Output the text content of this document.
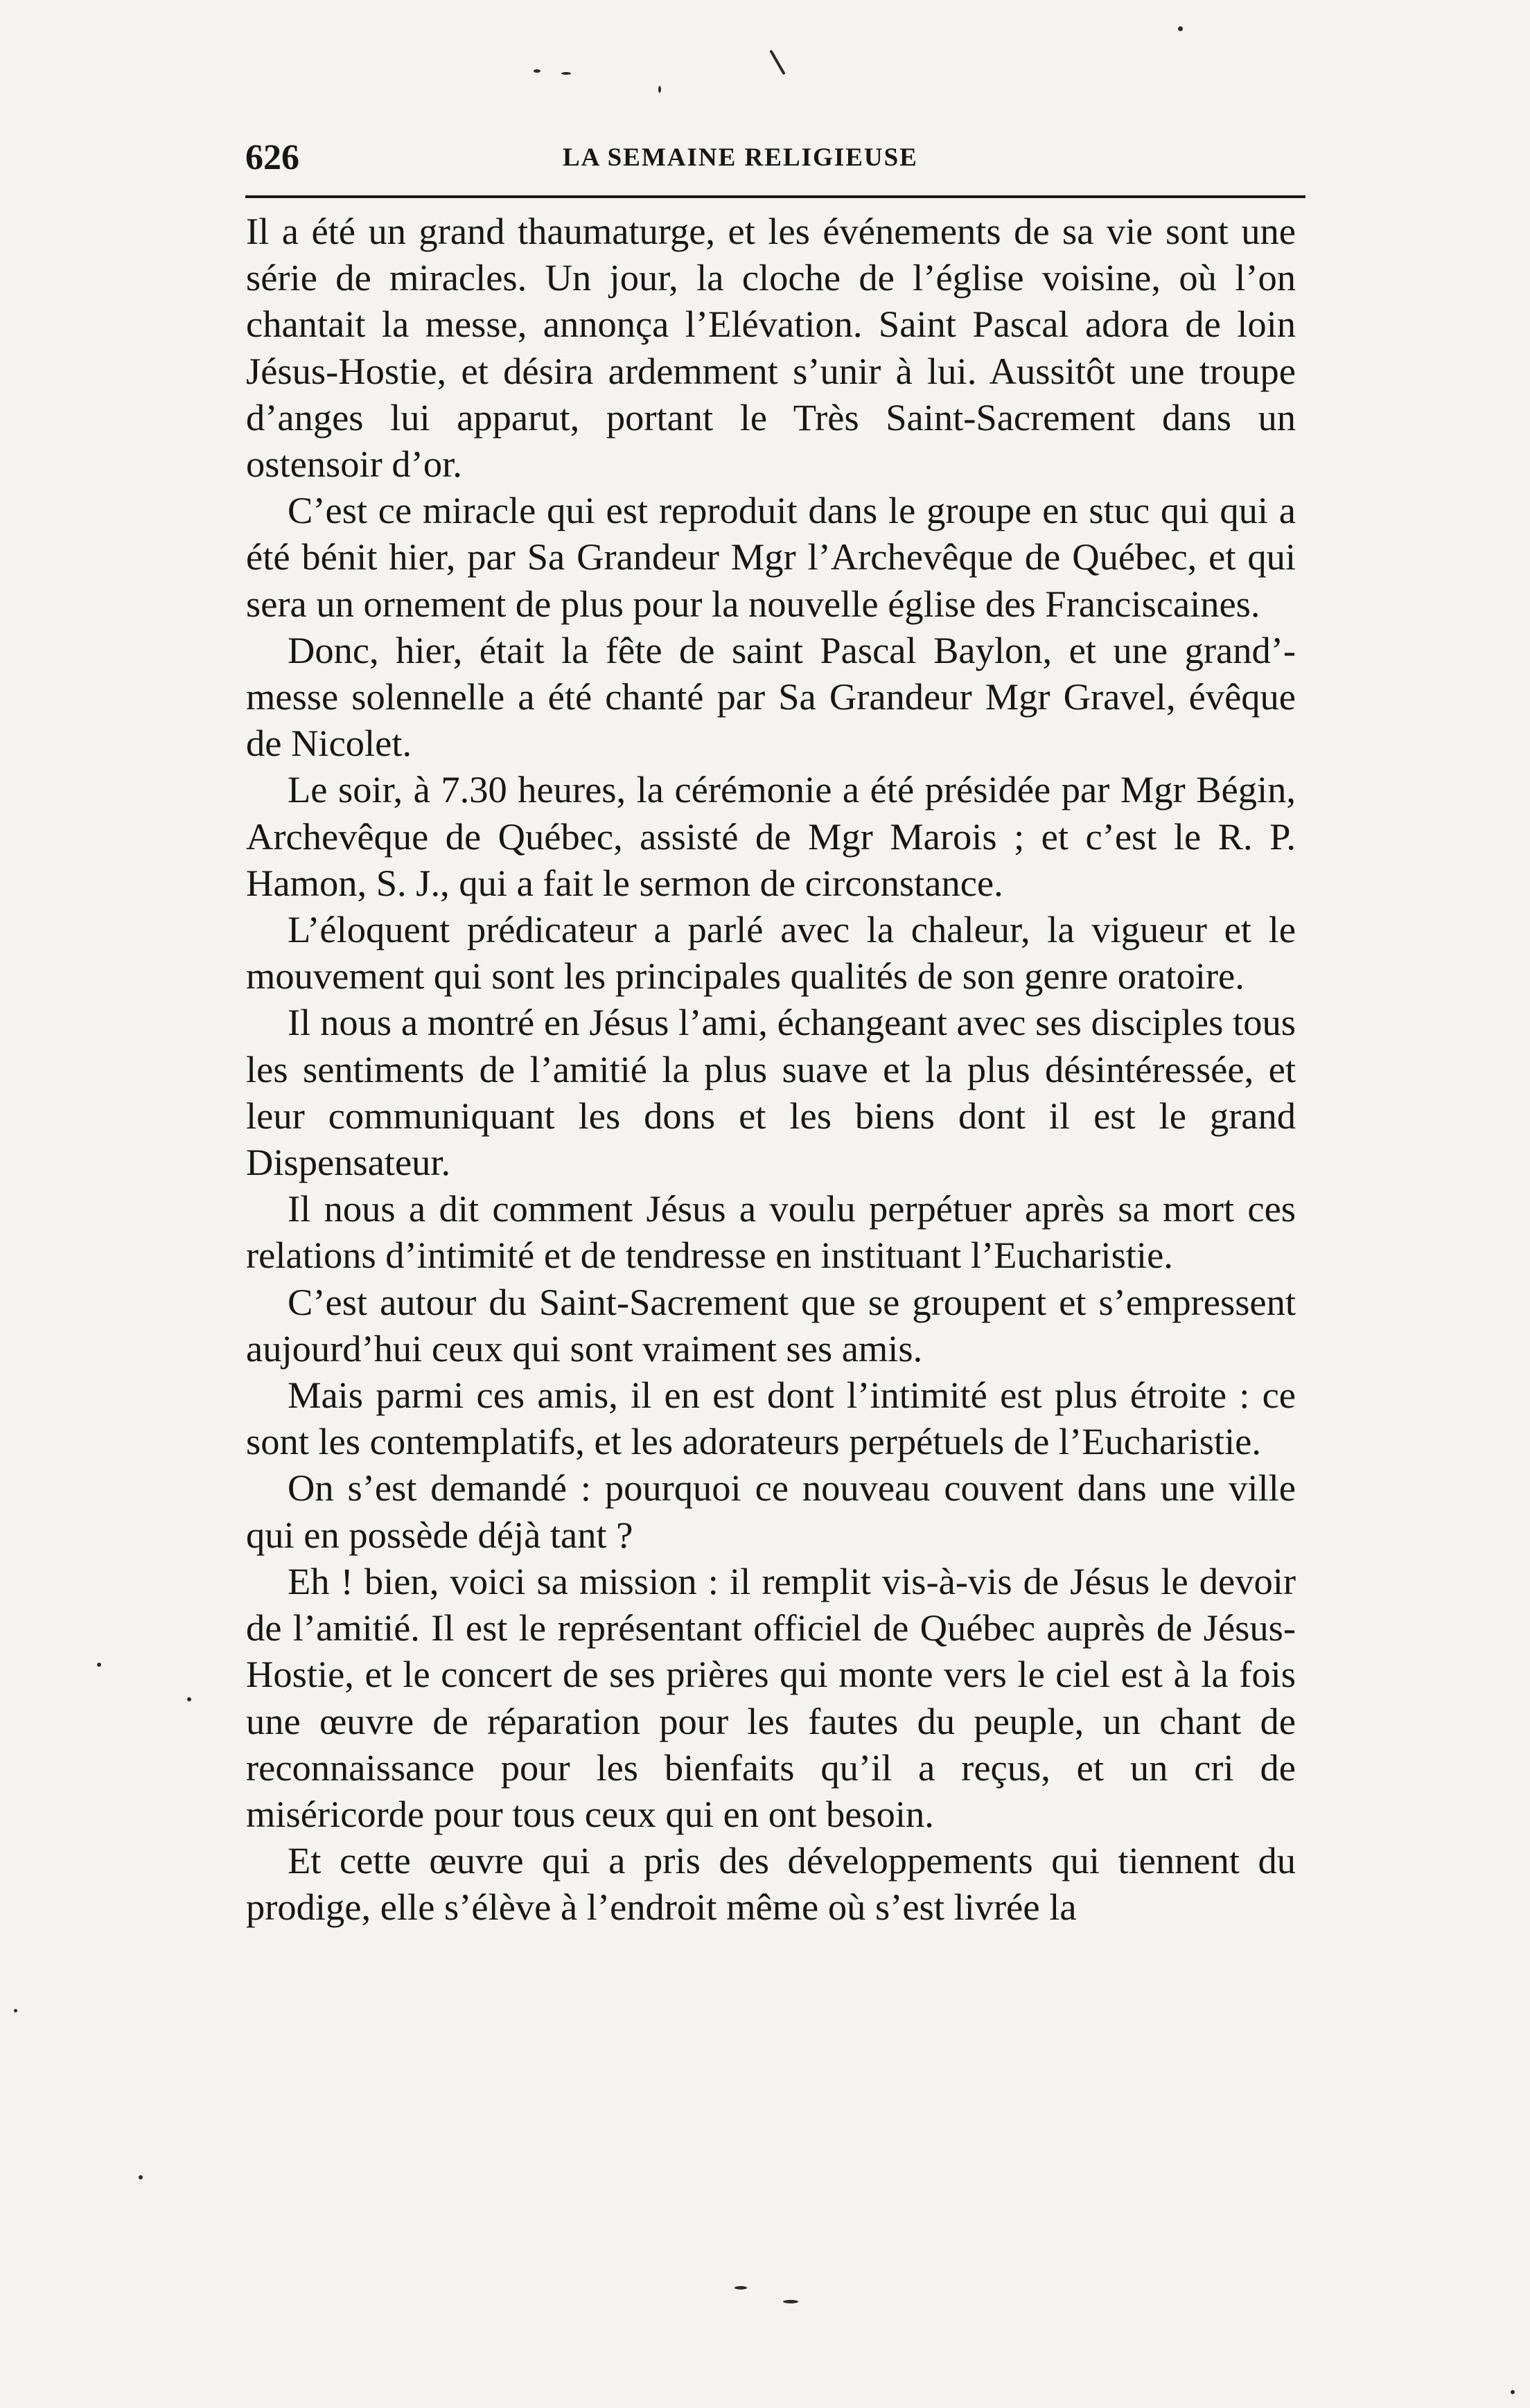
626	LA SEMAINE RELIGIEUSE

Il a été un grand thaumaturge, et les événements de sa vie sont une série de miracles. Un jour, la cloche de l’église voisine, où l’on chantait la messe, annonça l’Elévation. Saint Pascal adora de loin Jésus-Hostie, et désira ardemment s’unir à lui. Aussitôt une troupe d’anges lui apparut, portant le Très Saint-Sacrement dans un ostensoir d’or.

C’est ce miracle qui est reproduit dans le groupe en stuc qui qui a été bénit hier, par Sa Grandeur Mgr l’Archevêque de Québec, et qui sera un ornement de plus pour la nouvelle église des Franciscaines.

Donc, hier, était la fête de saint Pascal Baylon, et une grand’-messe solennelle a été chanté par Sa Grandeur Mgr Gravel, évêque de Nicolet.

Le soir, à 7.30 heures, la cérémonie a été présidée par Mgr Bégin, Archevêque de Québec, assisté de Mgr Marois ; et c’est le R. P. Hamon, S. J., qui a fait le sermon de circonstance.

L’éloquent prédicateur a parlé avec la chaleur, la vigueur et le mouvement qui sont les principales qualités de son genre oratoire.

Il nous a montré en Jésus l’ami, échangeant avec ses disciples tous les sentiments de l’amitié la plus suave et la plus désintéressée, et leur communiquant les dons et les biens dont il est le grand Dispensateur.

Il nous a dit comment Jésus a voulu perpétuer après sa mort ces relations d’intimité et de tendresse en instituant l’Eucharistie.

C’est autour du Saint-Sacrement que se groupent et s’empressent aujourd’hui ceux qui sont vraiment ses amis.

Mais parmi ces amis, il en est dont l’intimité est plus étroite : ce sont les contemplatifs, et les adorateurs perpétuels de l’Eucharistie.

On s’est demandé : pourquoi ce nouveau couvent dans une ville qui en possède déjà tant ?

Eh ! bien, voici sa mission : il remplit vis-à-vis de Jésus le devoir de l’amitié. Il est le représentant officiel de Québec auprès de Jésus-Hostie, et le concert de ses prières qui monte vers le ciel est à la fois une œuvre de réparation pour les fautes du peuple, un chant de reconnaissance pour les bienfaits qu’il a reçus, et un cri de miséricorde pour tous ceux qui en ont besoin.

Et cette œuvre qui a pris des développements qui tiennent du prodige, elle s’élève à l’endroit même où s’est livrée la
